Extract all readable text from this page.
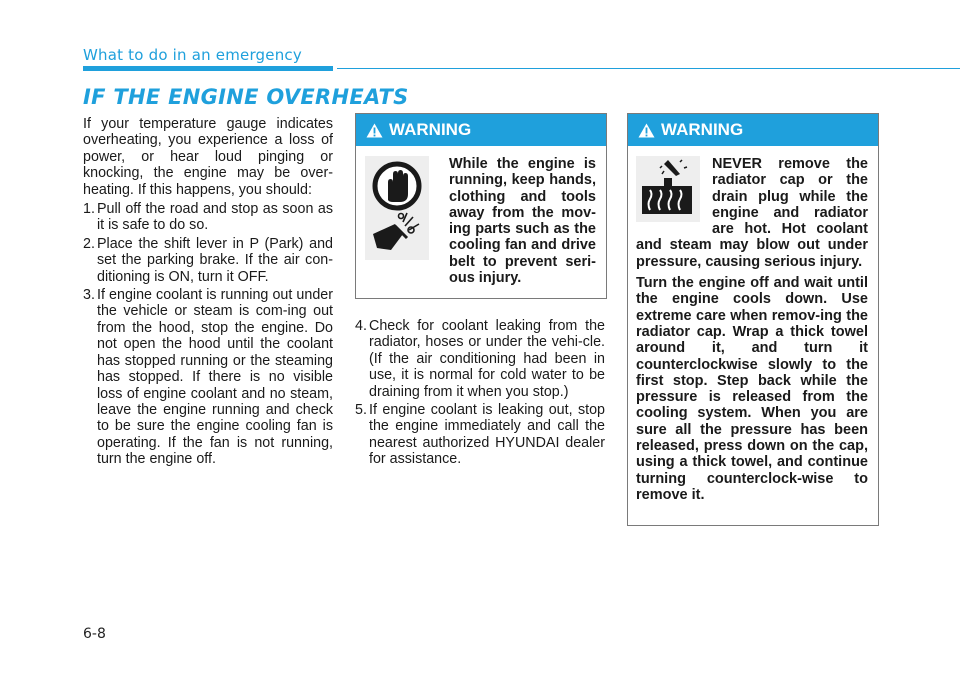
What to do in an emergency
IF THE ENGINE OVERHEATS

If your temperature gauge indicates overheating, you experience a loss of power, or hear loud pinging or knocking, the engine may be over-heating. If this happens, you should:

1. Pull off the road and stop as soon as it is safe to do so.
2. Place the shift lever in P (Park) and set the parking brake. If the air con-ditioning is ON, turn it OFF.
3. If engine coolant is running out under the vehicle or steam is com-ing out from the hood, stop the engine. Do not open the hood until the coolant has stopped running or the steaming has stopped. If there is no visible loss of engine coolant and no steam, leave the engine running and check to be sure the engine cooling fan is operating. If the fan is not running, turn the engine off.
WARNING
While the engine is running, keep hands, clothing and tools away from the mov-ing parts such as the cooling fan and drive belt to prevent seri-ous injury.
4. Check for coolant leaking from the radiator, hoses or under the vehi-cle. (If the air conditioning had been in use, it is normal for cold water to be draining from it when you stop.)
5. If engine coolant is leaking out, stop the engine immediately and call the nearest authorized HYUNDAI dealer for assistance.
WARNING

NEVER remove the radiator cap or the drain plug while the engine and radiator are hot. Hot coolant and steam may blow out under pressure, causing serious injury.

Turn the engine off and wait until the engine cools down. Use extreme care when remov-ing the radiator cap. Wrap a thick towel around it, and turn it counterclockwise slowly to the first stop. Step back while the pressure is released from the cooling system. When you are sure all the pressure has been released, press down on the cap, using a thick towel, and continue turning counterclock-wise to remove it.

6-8
